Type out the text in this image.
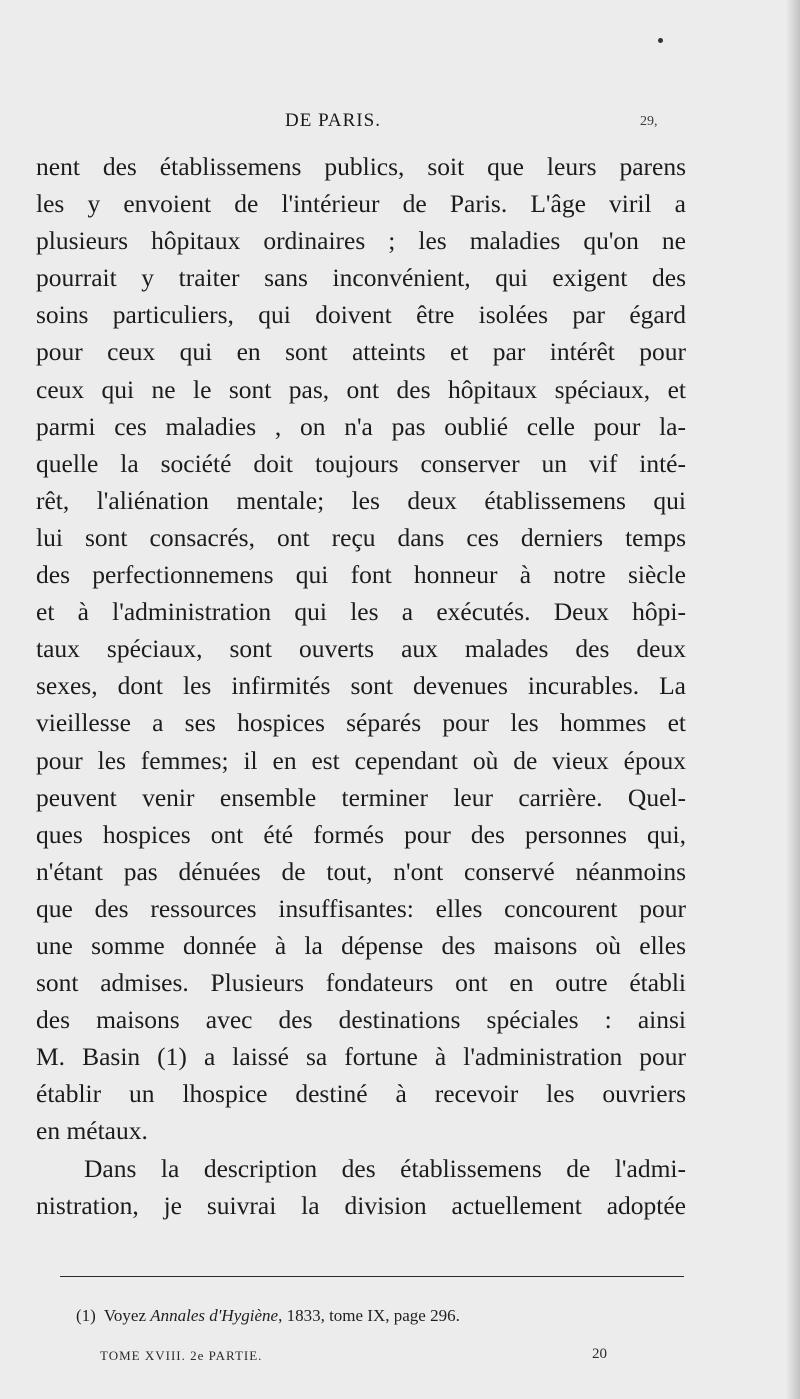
DE PARIS.	29,
nent des établissemens publics, soit que leurs parens
les y envoient de l'intérieur de Paris. L'âge viril a
plusieurs hôpitaux ordinaires ; les maladies qu'on ne
pourrait y traiter sans inconvénient, qui exigent des
soins particuliers, qui doivent être isolées par égard
pour ceux qui en sont atteints et par intérêt pour
ceux qui ne le sont pas, ont des hôpitaux spéciaux, et
parmi ces maladies , on n'a pas oublié celle pour la-
quelle la société doit toujours conserver un vif inté-
rêt, l'aliénation mentale; les deux établissemens qui
lui sont consacrés, ont reçu dans ces derniers temps
des perfectionnemens qui font honneur à notre siècle
et à l'administration qui les a exécutés. Deux hôpi-
taux spéciaux, sont ouverts aux malades des deux
sexes, dont les infirmités sont devenues incurables. La
vieillesse a ses hospices séparés pour les hommes et
pour les femmes; il en est cependant où de vieux époux
peuvent venir ensemble terminer leur carrière. Quel-
ques hospices ont été formés pour des personnes qui,
n'étant pas dénuées de tout, n'ont conservé néanmoins
que des ressources insuffisantes: elles concourent pour
une somme donnée à la dépense des maisons où elles
sont admises. Plusieurs fondateurs ont en outre établi
des maisons avec des destinations spéciales : ainsi
M. Basin (1) a laissé sa fortune à l'administration pour
établir un lhospice destiné à recevoir les ouvriers
en métaux.
Dans la description des établissemens de l'admi-
nistration, je suivrai la division actuellement adoptée
(1) Voyez Annales d'Hygiène, 1833, tome IX, page 296.
TOME XVIII. 2e PARTIE.	20
